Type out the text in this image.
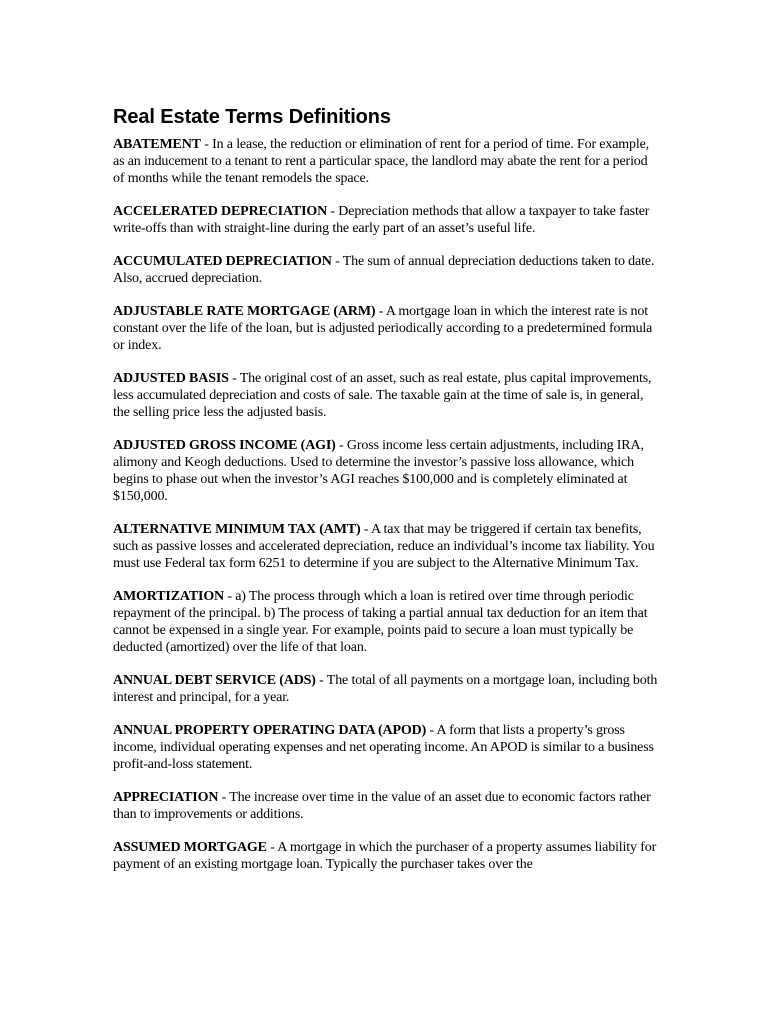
Real Estate Terms Definitions

ABATEMENT - In a lease, the reduction or elimination of rent for a period of time. For example, as an inducement to a tenant to rent a particular space, the landlord may abate the rent for a period of months while the tenant remodels the space.

ACCELERATED DEPRECIATION - Depreciation methods that allow a taxpayer to take faster write-offs than with straight-line during the early part of an asset’s useful life.

ACCUMULATED DEPRECIATION - The sum of annual depreciation deductions taken to date. Also, accrued depreciation.

ADJUSTABLE RATE MORTGAGE (ARM) - A mortgage loan in which the interest rate is not constant over the life of the loan, but is adjusted periodically according to a predetermined formula or index.

ADJUSTED BASIS - The original cost of an asset, such as real estate, plus capital improvements, less accumulated depreciation and costs of sale. The taxable gain at the time of sale is, in general, the selling price less the adjusted basis.

ADJUSTED GROSS INCOME (AGI) - Gross income less certain adjustments, including IRA, alimony and Keogh deductions. Used to determine the investor’s passive loss allowance, which begins to phase out when the investor’s AGI reaches $100,000 and is completely eliminated at $150,000.

ALTERNATIVE MINIMUM TAX (AMT) - A tax that may be triggered if certain tax benefits, such as passive losses and accelerated depreciation, reduce an individual’s income tax liability. You must use Federal tax form 6251 to determine if you are subject to the Alternative Minimum Tax.

AMORTIZATION - a) The process through which a loan is retired over time through periodic repayment of the principal. b) The process of taking a partial annual tax deduction for an item that cannot be expensed in a single year. For example, points paid to secure a loan must typically be deducted (amortized) over the life of that loan.

ANNUAL DEBT SERVICE (ADS) - The total of all payments on a mortgage loan, including both interest and principal, for a year.

ANNUAL PROPERTY OPERATING DATA (APOD) - A form that lists a property’s gross income, individual operating expenses and net operating income. An APOD is similar to a business profit-and-loss statement.

APPRECIATION - The increase over time in the value of an asset due to economic factors rather than to improvements or additions.

ASSUMED MORTGAGE - A mortgage in which the purchaser of a property assumes liability for payment of an existing mortgage loan. Typically the purchaser takes over the
